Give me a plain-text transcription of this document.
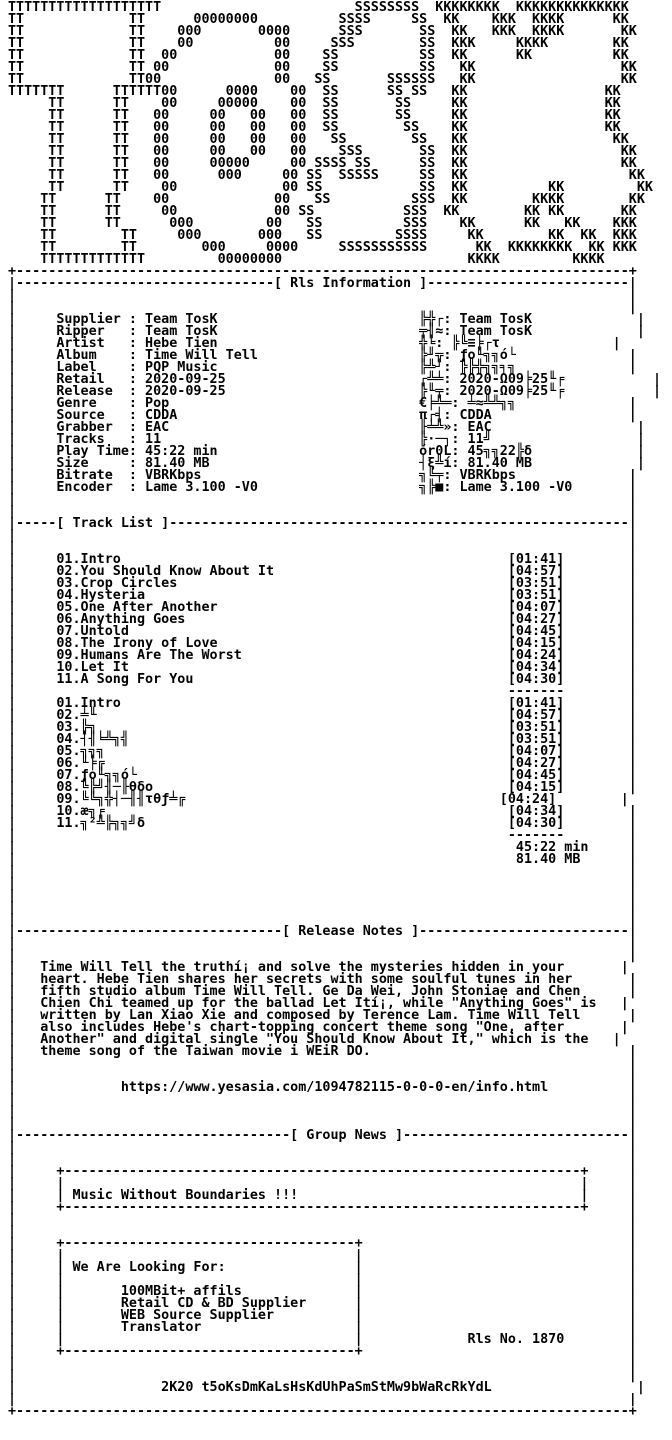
TTTTTTTTTTTTTTTTTTT                        SSSSSSSS  KKKKKKKK  KKKKKKKKKKKKKK
TT             TT      00000000          SSSS     SS  KK    KKK  KKKK      KK
TT             TT    000       0000      SSS       SS  KK   KKK  KKKK       KK
TT             TT    00          00     SSS        SS  KKK     KKKK        KK
TT             TT  00            00    SS          SS  KK      KK          KK
TT             TT 00             00    SS          SS   KK                  KK
TT             TT00              00   SS       SSSSSS   KK                  KK
TTTTTTT      TTTTTT00      0000    00  SS      SS SS   KK                 KK
TT      TT    00     00000    00  SS       SS     KK                 KK
TT      TT   00     00   00   00  SS       SS     KK                 KK
TT      TT   00     00   00   00  SS        SS    KK                 KK
TT      TT   00     00   00   00   SS        SS   KK                  KK
TT      TT   00     00   00   00    SSS       SS  KK                   KK
TT      TT   00     00000     00 SSSS SS      SS  KK                   KK
TT      TT   00      000     00 SS  SSSSS     SS  KK                    KK
TT      TT    00             00 SS            SS  KK          KK         KK
TT      TT    00             00   SS          SSS  KK        KKKK        KK
TT      TT     00            00 SS           SSS  KK        KK KK       KK
TT      TT      000         00   SS          SSS    KK      KK   KK    KKK
TT        TT     000       000   SS         SSSS     KK        KK  KK  KKK
TT        TT        000     0000     SSSSSSSSSSS      KK  KKKKKKKK  KK KKK
TTTTTTTTTTTTT         00000000                       KKKK         KKKK
+----------------------------------------------------------------------------+
|--------------------------------[ Rls Information ]-------------------------|
|                                                                            |
|                                                                            |
|     Supplier : Team TosK                         ╠╬┌: Team TosK             |
|     Ripper   : Team TosK                         ╤╢≈: Team TosK             |
|     Artist   : Hebe Tien                         ╬╘: ╠╚≡╞┌τ              |
|     Album    : Time Will Tell                    ╠╜╦: ƒo╙╗╗ó└              |
|     Label    : PQP Music                         ╠╩┘: ╠╠╬╗╗╕╗              |
|     Retail   : 2020-09-25                        ┌╩╧: 2020-Ω09╞25╙╒           |
|     Release  : 2020-09-25                        ╠╙╤: 2020-Ω09╞25╙╒           |
|     Genre    : Pop                               €╞╩═: ╧≈╩╩╗╗              |
|     Source   : CDDA                              π┌╡: CDDA                 |
|     Grabber  : EAC                               ╟╧╩»: EAC                  |
|     Tracks   : 11                                ╠·─┐: 11╝                  |
|     Play Time: 45:22 min                         ór0L: 45╗╗22╠δ             |
|     Size     : 81.40 MB                          ┤ξ╩í: 81.40 MB             |
|     Bitrate  : VBRKbps                           ╗╚╤: VBRKbps              |
|     Encoder  : Lame 3.100 -V0                    ╗╠■: Lame 3.100 -V0       |
|                                                                            |
|                                                                            |
|-----[ Track List ]---------------------------------------------------------|
|                                                                            |
|                                                                            |
|     01.Intro                                                [01:41]        |
|     02.You Should Know About It                             [04:57]        |
|     03.Crop Circles                                         [03:51]        |
|     04.Hysteria                                             [03:51]        |
|     05.One After Another                                    [04:07]        |
|     06.Anything Goes                                        [04:27]        |
|     07.Untold                                               [04:45]        |
|     08.The Irony of Love                                    [04:15]        |
|     09.Humans Are The Worst                                 [04:24]        |
|     10.Let It                                               [04:34]        |
|     11.A Song For You                                       [04:30]        |
|                                                             -------        |
|     01.Intro                                                [01:41]        |
|     02.╧╙                                                   [04:57]        |
|     03.╠╗                                                   [03:51]        |
|     04.┤╢╘╩╗╣                                               [03:51]        |
|     05.╗╗╗                                                  [04:07]        |
|     06.╙╞╔                                                  [04:27]        |
|     07.ƒo╙╗╗ó└                                              [04:45]        |
|     08.╚╠╝╢─╟θδo                                            [04:15]        |
|     09.╚╚╗╬┤─╢╢τθƒ╧╔                                       [04:24]        |
|     10.æ╗╒                                                  [04:34]        |
|     11.╗²╩╠╗╗╝δ                                             [04:30]        |
|                                                             -------        |
|                                                              45:22 min     |
|                                                              81.40 MB      |
|                                                                            |
|                                                                            |
|                                                                            |
|                                                                            |
|                                                                            |
|---------------------------------[ Release Notes ]--------------------------|
|                                                                            |
|                                                                            |
|   Time Will Tell the truthí¡ and solve the mysteries hidden in your       |
|   heart. Hebe Tien shares her secrets with some soulful tunes in her       |
|   fifth studio album Time Will Tell. Ge Da Wei, John Stoniae and Chen      |
|   Chien Chi teamed up for the ballad Let Ití¡, while "Anything Goes" is   |
|   written by Lan Xiao Xie and composed by Terence Lam. Time Will Tell      |
|   also includes Hebe's chart-topping concert theme song "One, after       |
|   Another" and digital single "You Should Know About It," which is the   |
|   theme song of the Taiwan movie i WEiR DO.                                |
|                                                                            |
|                                                                            |
|             https://www.yesasia.com/1094782115-0-0-0-en/info.html          |
|                                                                            |
|                                                                            |
|                                                                            |
|----------------------------------[ Group News ]----------------------------|
|                                                                            |
|                                                                            |
|     +----------------------------------------------------------------+     |
|     |                                                                |     |
|     | Music Without Boundaries !!!                                   |     |
|     +----------------------------------------------------------------+     |
|                                                                            |
|                                                                            |
|     +------------------------------------+                                 |
|     |                                    |                                 |
|     | We Are Looking For:                |                                 |
|     |                                    |                                 |
|     |       100MBit+ affils              |                                 |
|     |       Retail CD & BD Supplier      |                                 |
|     |       WEB Source Supplier          |                                 |
|     |       Translator                   |                                 |
|     |                                    |             Rls No. 1870        |
|     +------------------------------------+                                 |
|                                                                            |
|                                                                            |
|                  2K20 t5oKsDmKaLsHsKdUhPaSmStMw9bWaRcRkYdL                  |
|                                                                            |
+----------------------------------------------------------------------------+
